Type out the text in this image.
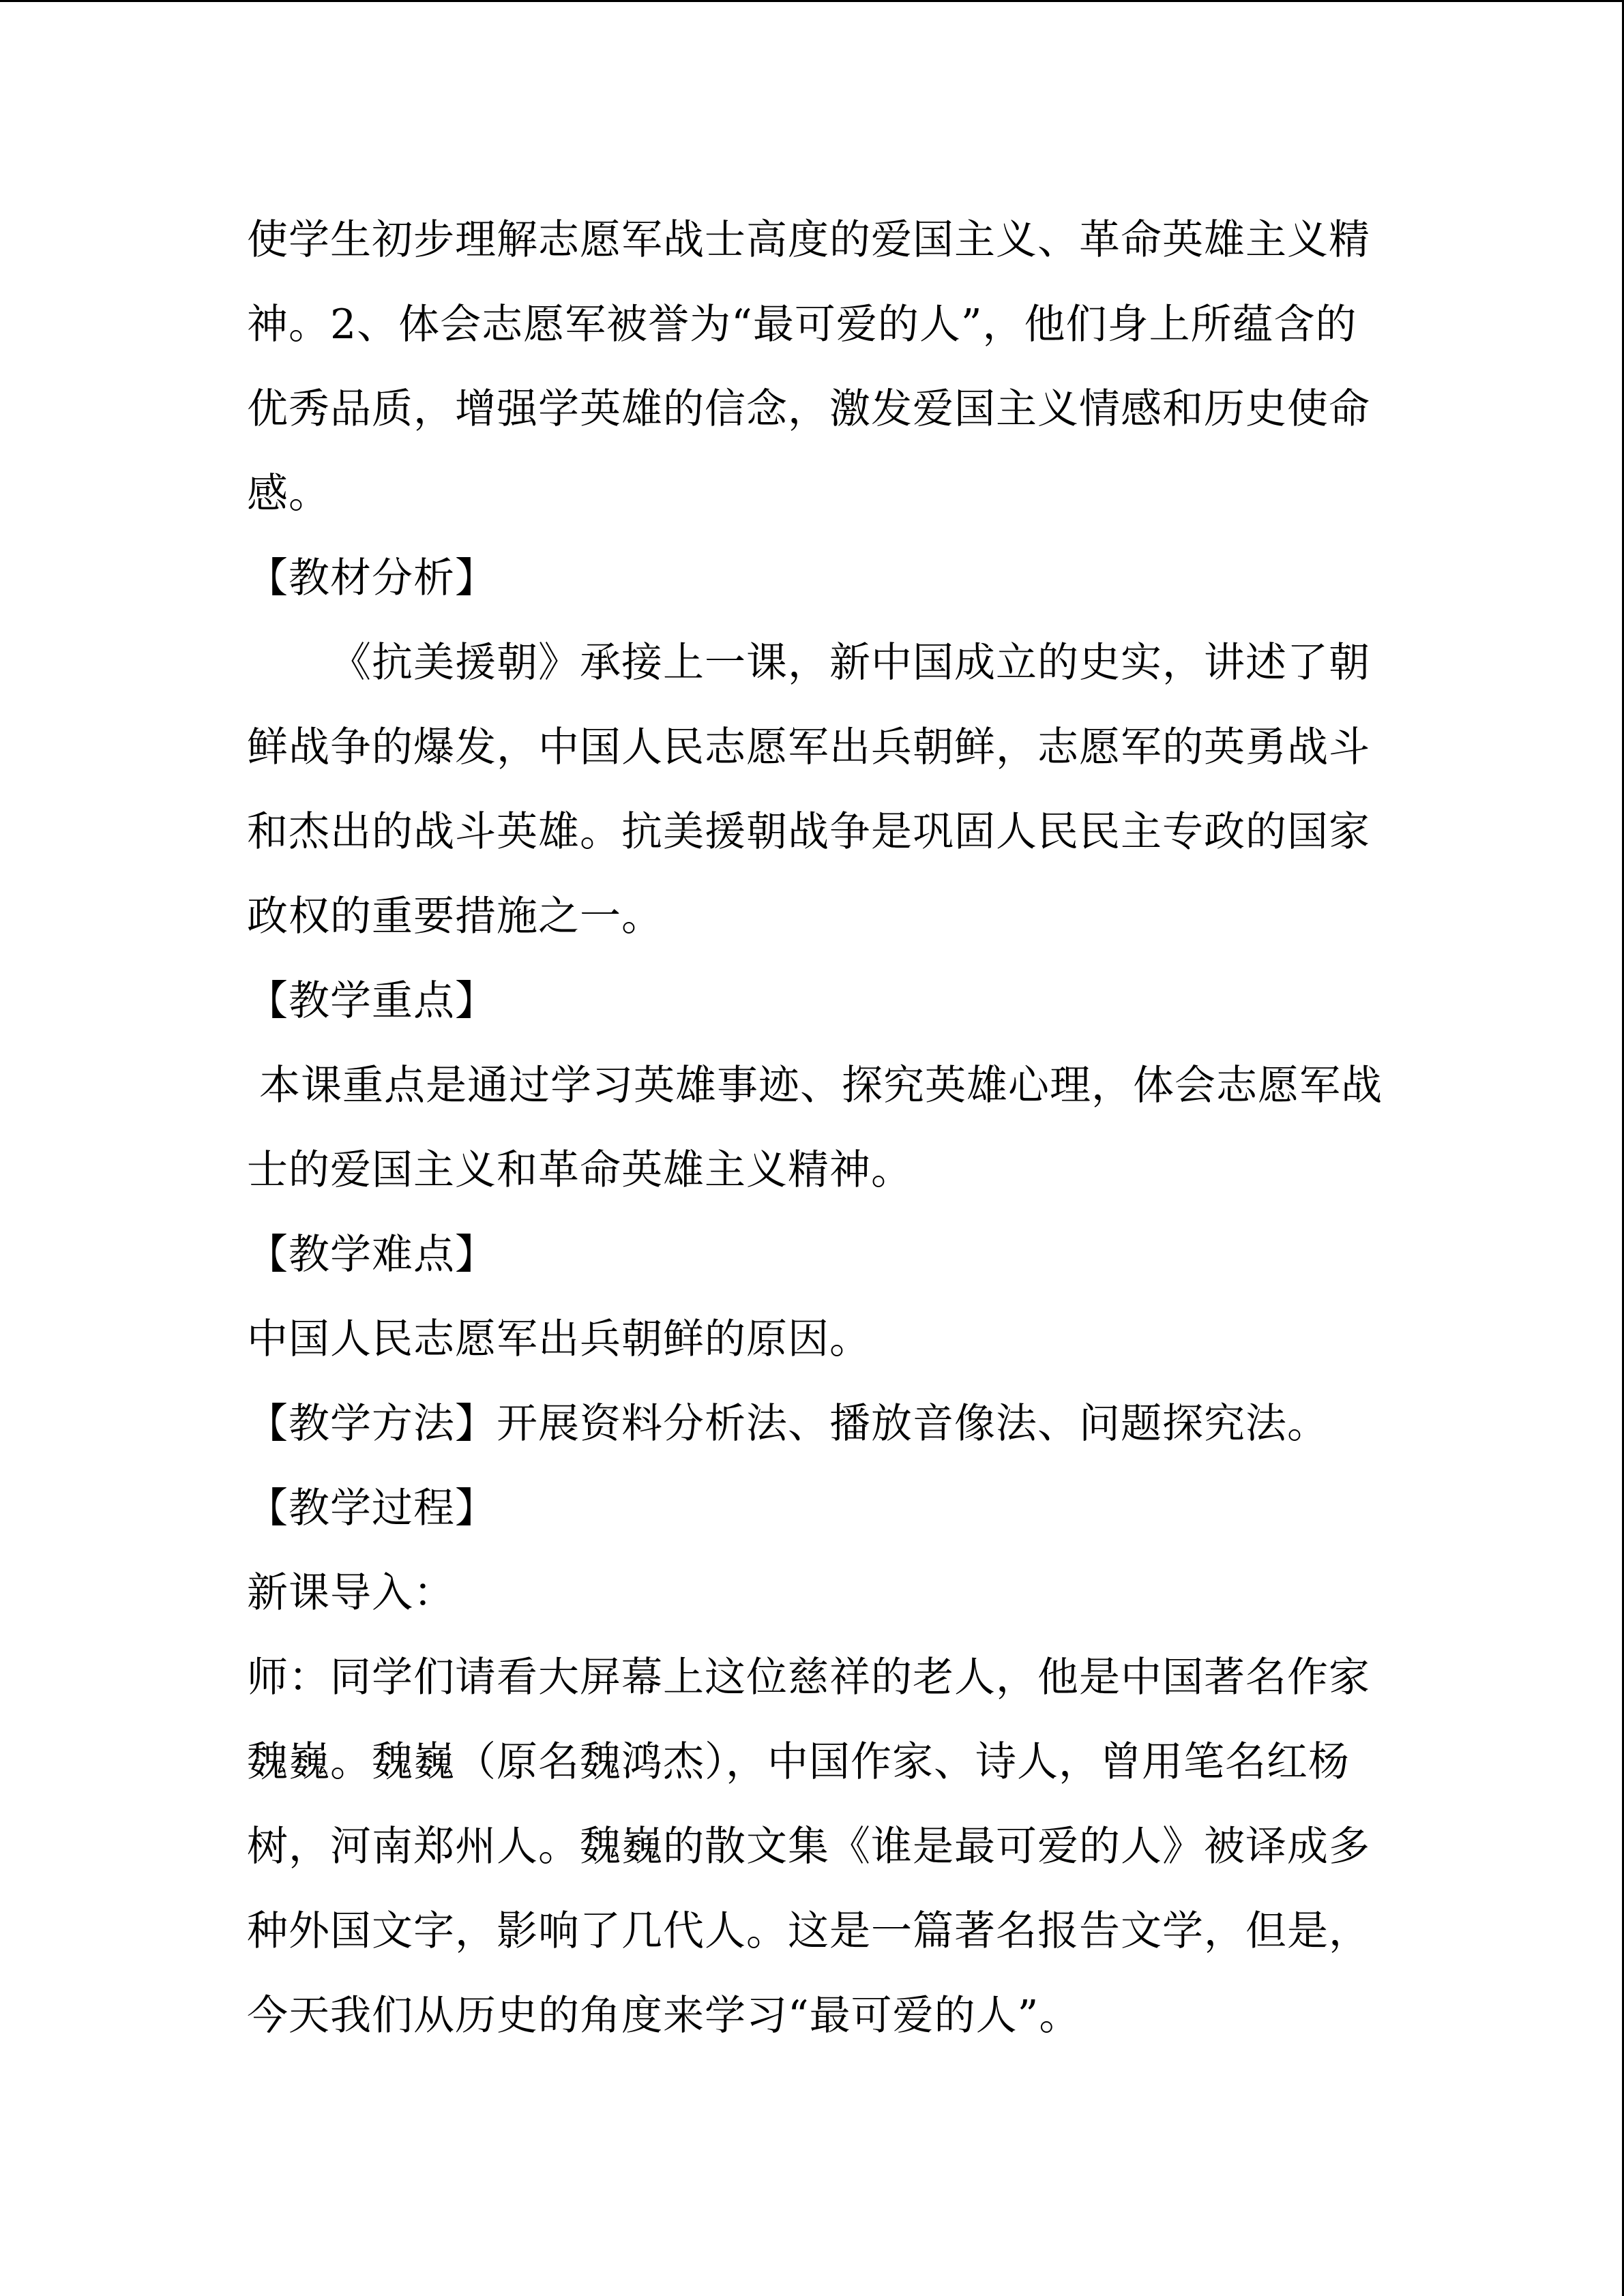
使学生初步理解志愿军战士高度的爱国主义、革命英雄主义精
神。2、体会志愿军被誉为“最可爱的人”，他们身上所蕴含的
优秀品质，增强学英雄的信念，激发爱国主义情感和历史使命
感。
【教材分析】
《抗美援朝》承接上一课，新中国成立的史实，讲述了朝
鲜战争的爆发，中国人民志愿军出兵朝鲜，志愿军的英勇战斗
和杰出的战斗英雄。抗美援朝战争是巩固人民民主专政的国家
政权的重要措施之一。
【教学重点】
本课重点是通过学习英雄事迹、探究英雄心理，体会志愿军战
士的爱国主义和革命英雄主义精神。
【教学难点】
中国人民志愿军出兵朝鲜的原因。
【教学方法】开展资料分析法、播放音像法、问题探究法。
【教学过程】
新课导入：
师：同学们请看大屏幕上这位慈祥的老人，他是中国著名作家
魏巍。魏巍（原名魏鸿杰），中国作家、诗人，曾用笔名红杨
树，河南郑州人。魏巍的散文集《谁是最可爱的人》被译成多
种外国文字，影响了几代人。这是一篇著名报告文学，但是，
今天我们从历史的角度来学习“最可爱的人”。
